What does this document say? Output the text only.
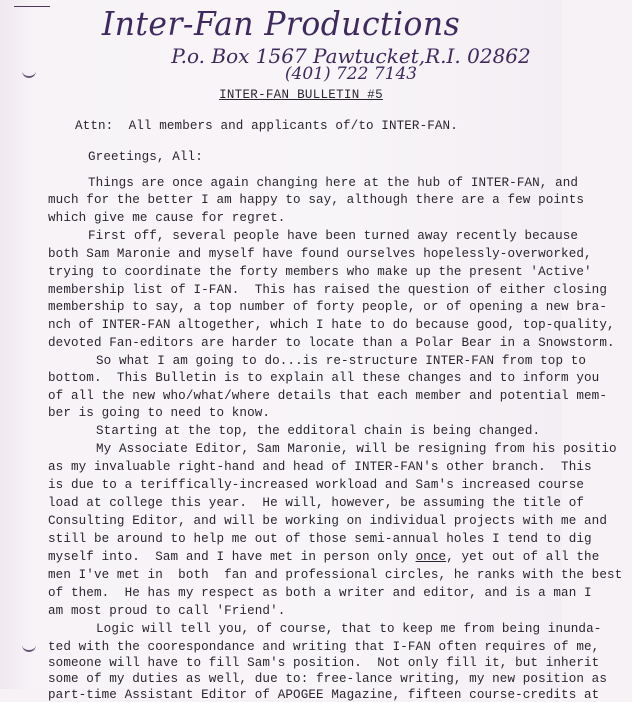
Inter-Fan Productions
P.o. Box 1567 Pawtucket,R.I. 02862
(401) 722 7143
INTER-FAN BULLETIN #5
Attn:  All members and applicants of/to INTER-FAN.
Greetings, All:
Things are once again changing here at the hub of INTER-FAN, and
much for the better I am happy to say, although there are a few points
which give me cause for regret.
First off, several people have been turned away recently because
both Sam Maronie and myself have found ourselves hopelessly-overworked,
trying to coordinate the forty members who make up the present 'Active'
membership list of I-FAN.  This has raised the question of either closing
membership to say, a top number of forty people, or of opening a new bra-
nch of INTER-FAN altogether, which I hate to do because good, top-quality,
devoted Fan-editors are harder to locate than a Polar Bear in a Snowstorm.
So what I am going to do...is re-structure INTER-FAN from top to
bottom.  This Bulletin is to explain all these changes and to inform you
of all the new who/what/where details that each member and potential mem-
ber is going to need to know.
Starting at the top, the edditoral chain is being changed.
My Associate Editor, Sam Maronie, will be resigning from his positio
as my invaluable right-hand and head of INTER-FAN's other branch.  This
is due to a teriffically-increased workload and Sam's increased course
load at college this year.  He will, however, be assuming the title of
Consulting Editor, and will be working on individual projects with me and
still be around to help me out of those semi-annual holes I tend to dig
myself into.  Sam and I have met in person only once, yet out of all the
men I've met in  both  fan and professional circles, he ranks with the best
of them.  He has my respect as both a writer and editor, and is a man I
am most proud to call 'Friend'.
Logic will tell you, of course, that to keep me from being inunda-
ted with the coorespondance and writing that I-FAN often requires of me,
someone will have to fill Sam's position.  Not only fill it, but inherit
some of my duties as well, due to: free-lance writing, my new position as
part-time Assistant Editor of APOGEE Magazine, fifteen course-credits at
